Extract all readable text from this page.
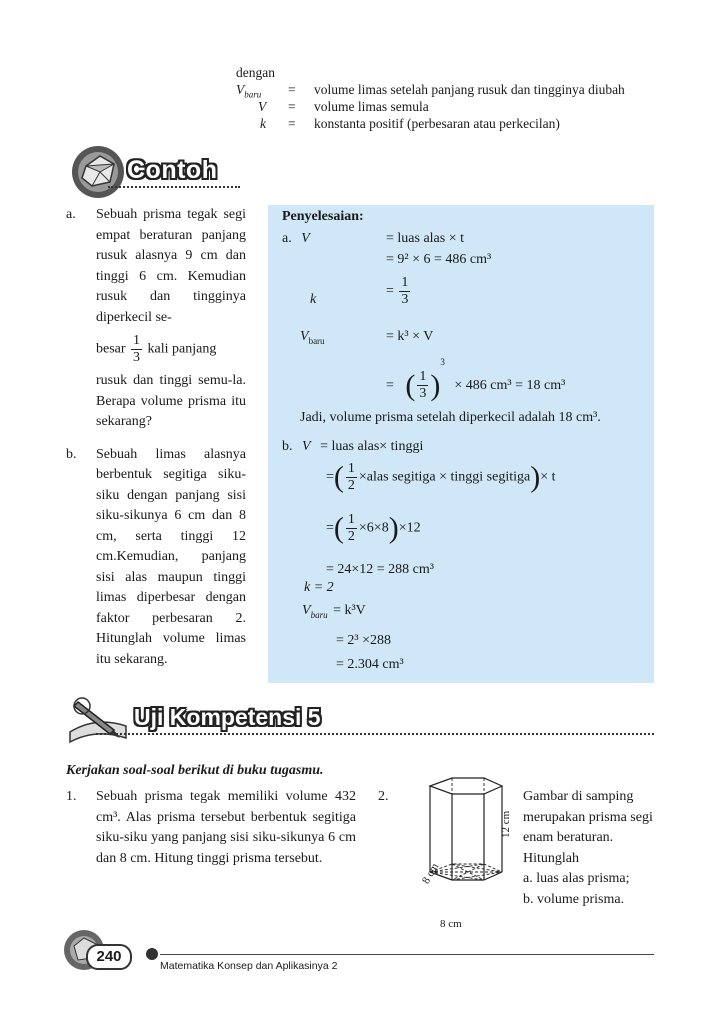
dengan
$V_{baru}$	= volume limas setelah panjang rusuk dan tingginya diubah
V	= volume limas semula
k	= konstanta positif (perbesaran atau perkecilan)
Contoh

a. Sebuah prisma tegak segi empat beraturan panjang rusuk alasnya 9 cm dan tinggi 6 cm. Kemudian rusuk dan tingginya diperkecil se-

besar $\frac{1}{3}$ kali panjang

rusuk dan tinggi semu-la. Berapa volume prisma itu sekarang?

b. Sebuah limas alasnya berbentuk segitiga siku-siku dengan panjang sisi siku-sikunya 6 cm dan 8 cm, serta tinggi 12 cm.Kemudian, panjang sisi alas maupun tinggi limas diperbesar dengan faktor perbesaran 2. Hitunglah volume limas itu sekarang.

Penyelesaian:
a. V	= luas alas × t
= 9² × 6 = 486 cm³
k
= $\frac{1}{3}$
$V_{baru}$	= k³ × V
= ( $\frac{1}{3} )^3 \times 486$ cm³ = 18 cm³
Jadi, volume prisma setelah diperkecil adalah 18 cm³.
b. V = luas alas× tinggi
=( $\frac{1}{2}$ ×alas segitiga × tinggi segitiga)× t
=( $\frac{1}{2} \times 6\times 8)\times 12$
= 24×12 = 288 cm³
k = 2
$V_{baru} = k^3V$
= 2³ ×288
= 2.304 cm³
Uji Kompetensi 5
Kerjakan soal-soal berikut di buku tugasmu.
1. Sebuah prisma tegak memiliki volume 432 cm³. Alas prisma tersebut berbentuk segitiga siku-siku yang panjang sisi siku-sikunya 6 cm dan 8 cm. Hitung tinggi prisma tersebut.
2.
12 cm
8 cm
8 cm
Gambar di samping merupakan prisma segi enam beraturan. Hitunglah
a. luas alas prisma;
b. volume prisma.
240
Matematika Konsep dan Aplikasinya 2
